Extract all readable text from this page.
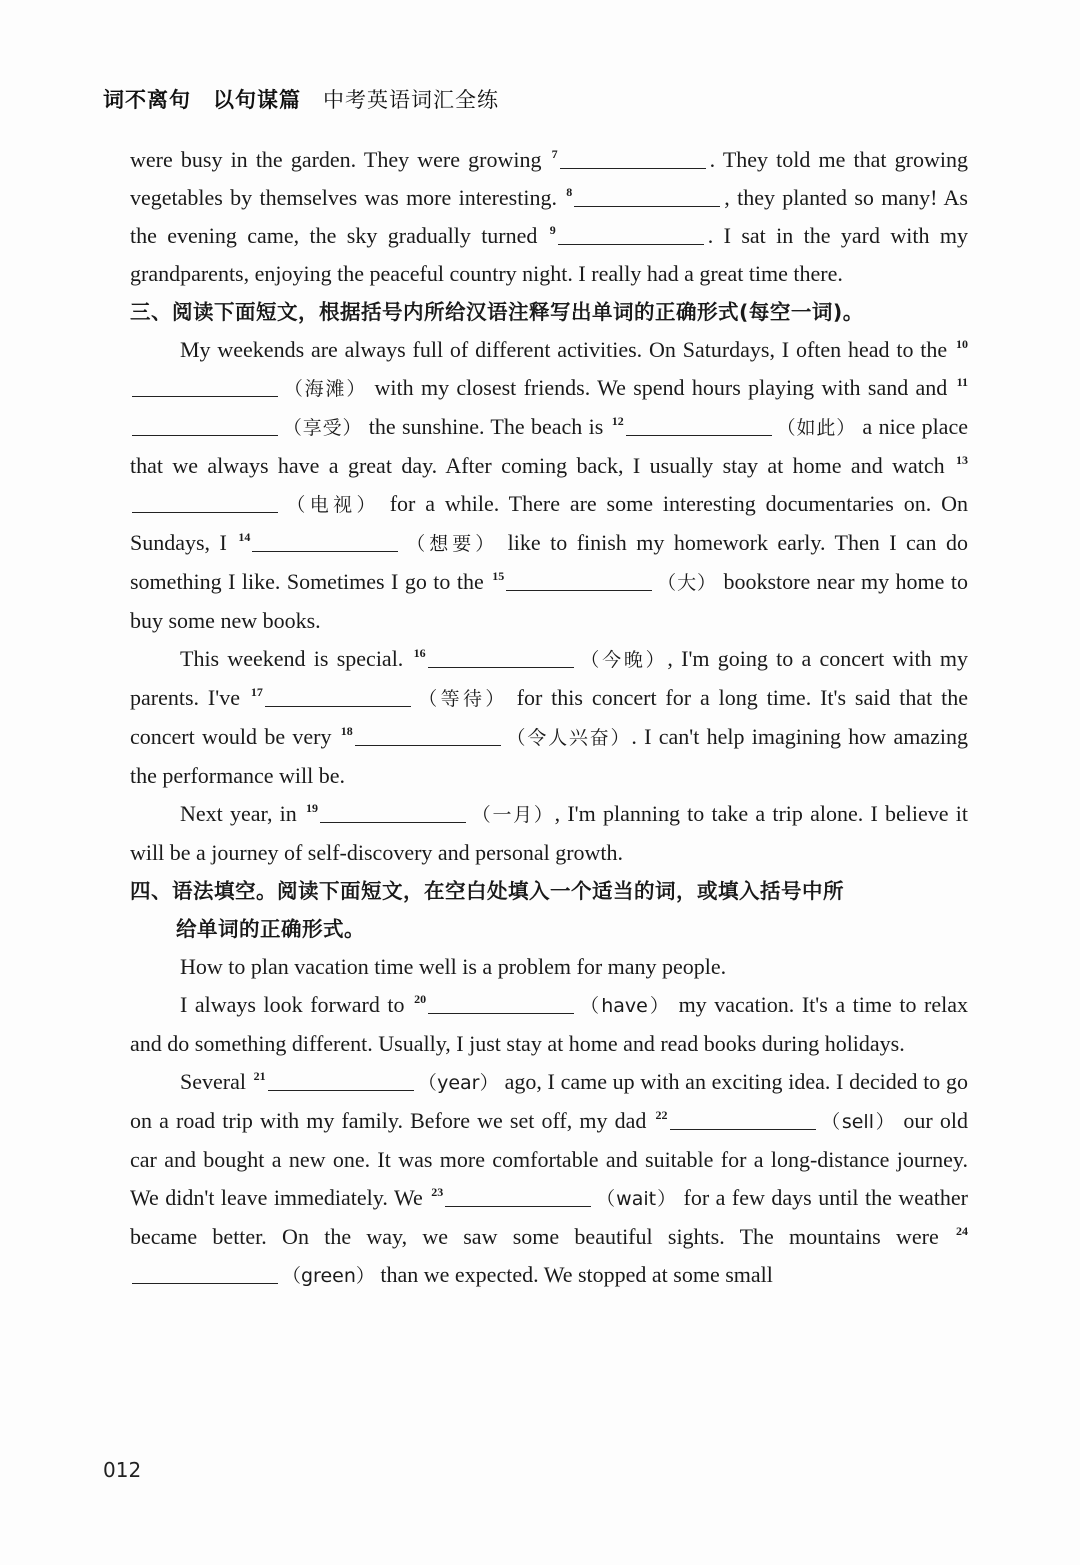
词不离句 以句谋篇 中考英语词汇全练

were busy in the garden. They were growing $^7$	. They told me that growing vegetables by themselves was more interesting. $^8$	, they planted so many! As the evening came, the sky gradually turned $^9$	. I sat in the yard with my grandparents, enjoying the peaceful country night. I really had a great time there.

三、阅读下面短文，根据括号内所给汉语注释写出单词的正确形式(每空一词)。

My weekends are always full of different activities. On Saturdays, I often head to the $^{10}$（海滩） with my closest friends. We spend hours playing with sand and $^{11}$（享受） the sunshine. The beach is $^{12}$	（如此） a nice place that we always have a great day. After coming back, I usually stay at home and watch $^{13}$（电视） for a while. There are some interesting documentaries on. On Sundays, I $^{14}$	（想要） like to finish my homework early. Then I can do something I like. Sometimes I go to the $^{15}$	（大） bookstore near my home to buy some new books.

This weekend is special. $^{16}$	（今晚）, I'm going to a concert with my parents. I've $^{17}$	（等待） for this concert for a long time. It's said that the concert would be very $^{18}$	（令人兴奋）. I can't help imagining how amazing the performance will be.

Next year, in $^{19}$	（一月）, I'm planning to take a trip alone. I believe it will be a journey of self-discovery and personal growth.

四、语法填空。阅读下面短文，在空白处填入一个适当的词，或填入括号中所

给单词的正确形式。

How to plan vacation time well is a problem for many people.

I always look forward to $^{20}$	（have） my vacation. It's a time to relax and do something different. Usually, I just stay at home and read books during holidays.

Several $^{21}$	（year） ago, I came up with an exciting idea. I decided to go on a road trip with my family. Before we set off, my dad $^{22}$	（sell） our old car and bought a new one. It was more comfortable and suitable for a long-distance journey. We didn't leave immediately. We $^{23}$	（wait） for a few days until the weather became better. On the way, we saw some beautiful sights. The mountains were $^{24}$（green） than we expected. We stopped at some small

012
